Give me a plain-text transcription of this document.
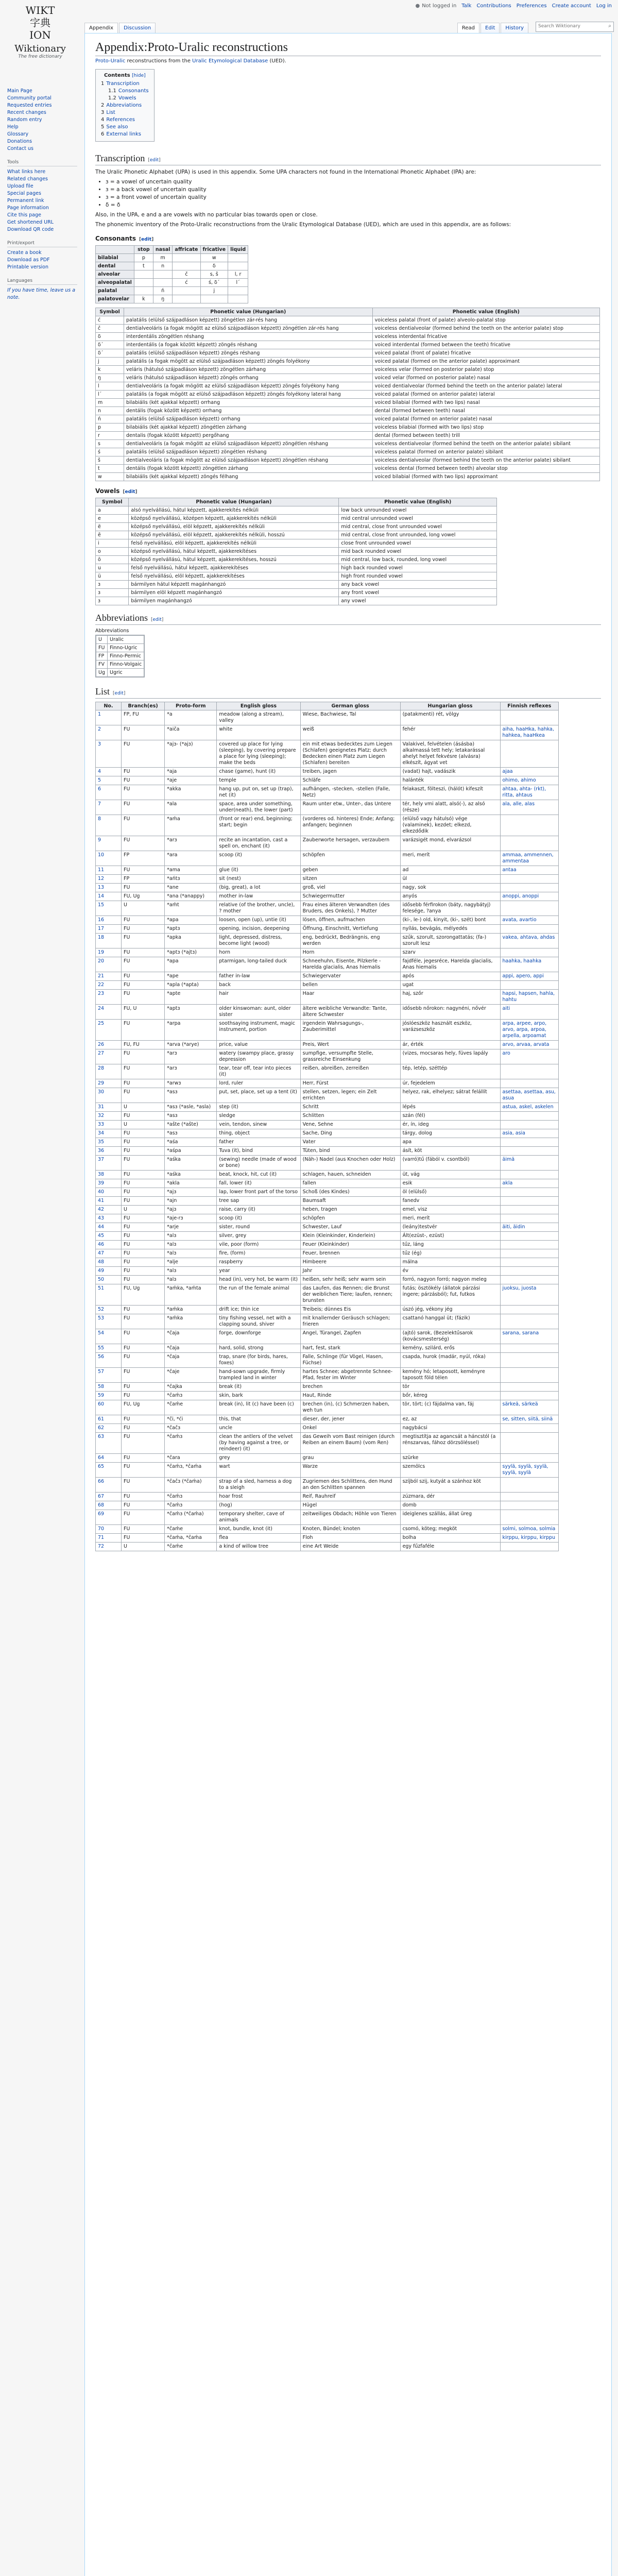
● Not logged in Talk Contributions Preferences Create account Log in
WIKT
字典
ΙΟΝ
Wiktionary
The free dictionary
Appendix	Discussion	Read	Edit	History
Search Wiktionary	⌕
Main Page
Community portal
Requested entries
Recent changes
Random entry
Help
Glossary
Donations
Contact us
Tools
What links here
Related changes
Upload file
Special pages
Permanent link
Page information
Cite this page
Get shortened URL
Download QR code
Print/export
Create a book
Download as PDF
Printable version
Languages
If you have time, leave us a note.
Appendix:Proto-Uralic reconstructions
Proto-Uralic reconstructions from the Uralic Etymological Database (UED).
Contents [hide]
1 Transcription
1.1 Consonants
1.2 Vowels
2 Abbreviations
3 List
4 References
5 See also
6 External links
Transcription [edit]

The Uralic Phonetic Alphabet (UPA) is used in this appendix. Some UPA characters not found in the International Phonetic Alphabet (IPA) are:

• ɜ = a vowel of uncertain quality
• ɜ = a back vowel of uncertain quality
• ɜ = a front vowel of uncertain quality
• δ = ð

Also, in the UPA, e and a are vowels with no particular bias towards open or close.

The phonemic inventory of the Proto-Uralic reconstructions from the Uralic Etymological Database (UED), which are used in this appendix, are as follows:

Consonants [edit]
	stop	nasal	affricate	fricative	liquid
bilabial	p	m		w	
dental	t	n		δ	
alveolar			č	s, š	l, r
alveopalatal			ć	ś, δ´	l´
palatal		ń		j	
palatovelar	k	ŋ			
Symbol	Phonetic value (Hungarian)	Phonetic value (English)
ć	palatális (elülső szájpadláson képzett) zöngétlen zár-rés hang	voiceless palatal (front of palate) alveolo-palatal stop
č	dentialveoláris (a fogak mögött az elülső szájpadláson képzett) zöngétlen zár-rés hang	voiceless dentialveolar (formed behind the teeth on the anterior palate) stop
δ	interdentális zöngétlen réshang	voiceless interdental fricative
δ´	interdentális (a fogak között képzett) zöngés réshang	voiced interdental (formed between the teeth) fricative
δ´	palatális (elülső szájpadláson képzett) zöngés réshang	voiced palatal (front of palate) fricative
j	palatális (a fogak mögött az elülső szájpadláson képzett) zöngés folyékony	voiced palatal (formed on the anterior palate) approximant
k	veláris (hátulsó szájpadláson képzett) zöngétlen zárhang	voiceless velar (formed on posterior palate) stop
ŋ	veláris (hátulsó szájpadláson képzett) zöngés orrhang	voiced velar (formed on posterior palate) nasal
l	dentialveoláris (a fogak mögött az elülső szájpadláson képzett) zöngés folyékony hang	voiced dentialveolar (formed behind the teeth on the anterior palate) lateral
l´	palatális (a fogak mögött az elülső szájpadláson képzett) zöngés folyékony lateral hang	voiced palatal (formed on anterior palate) lateral
m	bilabiális (két ajakkal képzett) orrhang	voiced bilabial (formed with two lips) nasal
n	dentális (fogak között képzett) orrhang	dental (formed between teeth) nasal
ń	palatális (elülső szájpadláson képzett) orrhang	voiced palatal (formed on anterior palate) nasal
p	bilabiális (két ajakkal képzett) zöngétlen zárhang	voiceless bilabial (formed with two lips) stop
r	dentalis (fogak között képzett) pergőhang	dental (formed between teeth) trill
s	dentialveoláris (a fogak mögött az elülső szájpadláson képzett) zöngétlen réshang	voiceless dentialveolar (formed behind the teeth on the anterior palate) sibilant
ś	palatális (elülső szájpadláson képzett) zöngétlen réshang	voiceless palatal (formed on anterior palate) sibilant
š	dentialveoláris (a fogak mögött az elülső szájpadláson képzett) zöngétlen réshang	voiceless dentialveolar (formed behind the teeth on the anterior palate) sibilant
t	dentális (fogak között képzett) zöngétlen zárhang	voiceless dental (formed between teeth) alveolar stop
w	bilabiális (két ajakkal képzett) zöngés félhang	voiced bilabial (formed with two lips) approximant
Vowels [edit]
Symbol	Phonetic value (Hungarian)	Phonetic value (English)
a	alsó nyelvállású, hátul képzett, ajakkerekítés nélküli	low back unrounded vowel
e	középső nyelvállású, középen képzett, ajakkerekítés nélküli	mid central unrounded vowel
ë	középső nyelvállású, elöl képzett, ajakkerekítés nélküli	mid central, close front unrounded vowel
ē	középső nyelvállású, elöl képzett, ajakkerekítés nélküli, hosszú	mid central, close front unrounded, long vowel
i	felső nyelvállású, elöl képzett, ajakkerekítés nélküli	close front unrounded vowel
o	középső nyelvállású, hátul képzett, ajakkerekítéses	mid back rounded vowel
ō	középső nyelvállású, hátul képzett, ajakkerekítéses, hosszú	mid central, low back, rounded, long vowel
u	felső nyelvállású, hátul képzett, ajakkerekítéses	high back rounded vowel
ü	felső nyelvállású, elöl képzett, ajakkerekítéses	high front rounded vowel
ɜ	bármilyen hátul képzett magánhangzó	any back vowel
ɜ	bármilyen elöl képzett magánhangzó	any front vowel
ɜ	bármilyen magánhangzó	any vowel
Abbreviations [edit]
Abbreviations
U	Uralic
FU	Finno-Ugric
FP	Finno-Permic
FV	Finno-Volgaic
Ug	Ugric
List [edit]
No.	Branch(es)	Proto-form	English gloss	German gloss	Hungarian gloss	Finnish reflexes
1	FP, FU	*a	meadow (along a stream), valley	Wiese, Bachwiese, Tal	(patakmenti) rét, völgy	
2	FU	*aiča	white	weiß	fehér	aiha, haaHka, hahka, hahkea, haaHkea
3	FU	*ajɜ- (*ajɜ)	covered up place for lying (sleeping), by covering prepare a place for lying (sleeping); make the beds	ein mit etwas bedecktes zum Liegen (Schlafen) geeignetes Platz; durch Bedecken einen Platz zum Liegen (Schlafen) bereiten	Valakivel, felvételen (ásásba) alkalmassá tett hely; letakarással ahelyt helyet fekvésre (alvásra) elkészít, ágyat vet	
4	FU	*aja	chase (game), hunt (it)	treiben, jagen	(vadat) hajt, vadászik	ajaa
5	FU	*aje	temple	Schläfe	halánték	ohimo, ahimo
6	FU	*akka	hang up, put on, set up (trap), net (it)	aufhängen, -stecken, -stellen (Falle, Netz)	felakaszt, fölteszi, (hálót) kifeszít	ahtaa, ahta- (rkt), ritta, ahtaus
7	FU	*ala	space, area under something, under(neath), the lower (part)	Raum unter etw., Unter-, das Untere	tér, hely vmi alatt, alsó(-), az alsó (része)	ala, alle, alas
8	FU	*aḿa	(front or rear) end, beginning; start; begin	(vorderes od. hinteres) Ende; Anfang; anfangen; beginnen	(elülső vagy hátulsó) vége (valaminek), kezdet; elkezd, elkezdődik	
9	FU	*arɜ	recite an incantation, cast a spell on, enchant (it)	Zauberworte hersagen, verzaubern	varázsigét mond, elvarázsol	
10	FP	*ara	scoop (it)	schöpfen	meri, merít	ammaa, ammennen, ammentaa
11	FU	*ama	glue (it)	geben	ad	antaa
12	FP	*ańtɜ	sit (nest)	sitzen	ül	
13	FU	*ane	(big, great), a lot	groß, viel	nagy, sok	
14	FU, Ug	*ana (*anappy)	mother in-law	Schwiegermutter	anyós	anoppi, anoppi
15	U	*aḿt	relative (of the brother, uncle), ? mother	Frau eines älteren Verwandten (des Bruders, des Onkels), ? Mutter	idősebb férfirokon (báty, nagybátyj) felesége, ?anya	
16	FU	*apa	loosen, open (up), untie (it)	lösen, öffnen, aufmachen	(ki-, le-) old, kinyit, (ki-, szét) bont	avata, avartio
17	FU	*aptɜ	opening, incision, deepening	Öffnung, Einschnitt, Vertiefung	nyílás, bevágás, mélyedés	
18	FU	*apka	light, depressed, distress, become light (wood)	eng, bedrückt, Bedrängnis, eng werden	szűk, szorult, szorongattatás; (fa-) szorult lesz	vakea, ahtava, ahdas
19	FU	*aptɜ (*ajtɜ)	horn	Horn	szarv	
20	FU	*apa	ptarmigan, long-tailed duck	Schneehuhn, Eisente, Pilzkerle - Harelda glacialis, Anas hiemalis	fajdféle, jegesréce, Harelda glacialis, Anas hiemalis	haahka, haahka
21	FU	*ape	father in-law	Schwiegervater	após	appi, apero, appi
22	FU	*apla (*apta)	back	bellen	ugat	
23	FU	*apte	hair	Haar	haj, szőr	hapsi, hapsen, hahla, hahtu
24	FU, U	*aptɜ	older kinswoman: aunt, older sister	ältere weibliche Verwandte: Tante, ältere Schwester	idősebb nőrokon: nagynéni, nővér	aiti
25	FU	*arpa	soothsaying instrument, magic instrument, portion	irgendein Wahrsagungs-, Zauberimittel	jóslóeszköz használt eszköz, varázseszköz	arpa, arpee, arpo, arvo, arpa, arpoa, arpella, arpoamat
26	FU, FU	*arva (*arye)	price, value	Preis, Wert	ár, érték	arvo, arvaa, arvata
27	FU	*arɜ	watery (swampy place, grassy depression	sumpfige, versumpfte Stelle, grassreiche Einsenkung	(vizes, mocsaras hely, füves lapály	aro
28	FU	*arɜ	tear, tear off, tear into pieces (it)	reißen, abreißen, zerreißen	tép, letép, széttép	
29	FU	*arwɜ	lord, ruler	Herr, Fürst	úr, fejedelem	
30	FU	*asɜ	put, set, place, set up a tent (it)	stellen, setzen, legen; ein Zelt errichten	helyez, rak, elhelyez; sátrat felállít	asettaa, asettaa, asu, asua
31	U	*asɜ (*asle, *asla)	step (it)	Schritt	lépés	astua, askel, askelen
32	FU	*asɜ	sledge	Schlitten	szán (fél)	
33	U	*ašte (*ašte)	vein, tendon, sinew	Vene, Sehne	ér, ín, ideg	
34	FU	*asɜ	thing, object	Sache, Ding	tárgy, dolog	asia, asia
35	FU	*aśa	father	Vater	apa	
36	FU	*aśpa	Tuva (it), bind	Tüten, bind	ásít, köt	
37	FU	*aśka	(sewing) needle (made of wood or bone)	(Näh-) Nadel (aus Knochen oder Holz)	(varró)tű (fából v. csontból)	äimä
38	FU	*aśka	beat, knock, hit, cut (it)	schlagen, hauen, schneiden	üt, vág	
39	FU	*akla	fall, lower (it)	fallen	esik	akla
40	FU	*ajɜ	lap, lower front part of the torso	Schoß (des Kindes)	öl (elülső)	
41	FU	*ajn	tree sap	Baumsaft	fanedv	
42	U	*ajɜ	raise, carry (it)	heben, tragen	emel, visz	
43	FU	*aje-rɜ	scoop (it)	schöpfen	meri, merít	
44	FU	*arje	sister, round	Schwester, Lauf	(leány)testvér	äiti, äidin
45	FU	*alɜ	silver, grey	Klein (Kleinkinder, Kinderlein)	Ált(ezüst-, ezüst)	
46	FU	*alɜ	vile, poor (form)	Feuer (Kleinkinder)	tűz, láng	
47	FU	*alɜ	fire, (form)	Feuer, brennen	tűz (ég)	
48	FU	*alje	raspberry	Himbeere	málna	
49	FU	*alɜ	year	Jahr	év	
50	FU	*alɜ	head (in), very hot, be warm (it)	heißen, sehr heiß; sehr warm sein	forró, nagyon forró; nagyon meleg	
51	FU, Ug	*aḿka, *aḿta	the run of the female animal	das Laufen, das Rennen; die Brunst der weiblichen Tiere; laufen, rennen; brunsten	futás; ösztökély (állatok párzási ingere; párzásból); fut, futkos	juoksu, juosta
52	FU	*aḿka	drift ice; thin ice	Treibeis; dünnes Eis	úszó jég, vékony jég	
53	FU	*aḿka	tiny fishing vessel, net with a clapping sound, shiver	mit knallernder Geräusch schlagen; frieren	csattanó hanggal üt; (fázik)	
54	FU	*čaja	forge, downforge	Angel, Türangel, Zapfen	(ajtó) sarok, (Bezelektűsarok (kovácsmesterség)	sarana, sarana
55	FU	*čaja	hard, solid, strong	hart, fest, stark	kemény, szilárd, erős	
56	FU	*čaja	trap, snare (for birds, hares, foxes)	Falle, Schlinge (für Vögel, Hasen, Füchse)	csapda, hurok (madár, nyúl, róka)	
57	FU	*čaje	hand-sown upgrade, firmly trampled land in winter	hartes Schnee; abgetrennte Schnee-Pfad, fester im Winter	kemény hó; letaposott, keményre taposott föld télen	
58	FU	*čajka	break (it)	brechen	tör	
59	FU	*čaḿɜ	skin, bark	Haut, Rinde	bőr, kéreg	
60	FU, Ug	*čaḿe	break (in), lit (c) have been (c)	brechen (in), (c) Schmerzen haben, weh tun	tör, tört; (c) fájdalma van, fáj	särkeä, särkeä
61	FU	*či, *ći	this, that	dieser, der, jener	ez, az	se, sitten, siitä, siinä
62	FU	*čačɜ	uncle	Onkel	nagybácsi	
63	FU	*čaḿɜ	clean the antlers of the velvet (by having against a tree, or reindeer) (it)	das Geweih vom Bast reinigen (durch Reiben an einem Baum) (vom Ren)	megtisztítja az agancsát a háncstól (a rénszarvas, fához dörzsöléssel)	
64	FU	*čara	grey	grau	szürke	
65	FU	*čaḿɜ, *čaḿa	wart	Warze	szemölcs	syylä, syylä, syylä, syylä, syylä
66	FU	*čačɜ (*čaḿa)	strap of a sled, harness a dog to a sleigh	Zugriemen des Schlittens, den Hund an den Schlitten spannen	szíjból szij, kutyát a szánhoz köt	
67	FU	*čaḿɜ	hoar frost	Reif, Rauhreif	zúzmara, dér	
68	FU	*čaḿɜ	(hog)	Hügel	domb	
69	FU	*čaḿɜ (*čaḿa)	temporary shelter, cave of animals	zeitweiliges Obdach; Höhle von Tieren	ideiglenes szállás, állat üreg	
70	FU	*čaḿe	knot, bundle, knot (it)	Knoten, Bündel; knoten	csomó, köteg; megköt	solmi, solmoa, solmia
71	FU	*čaḿa, *čaḿa	flea	Floh	bolha	kirppu, kirppu, kirppu
72	U	*čaḿe	a kind of willow tree	eine Art Weide	egy fűzfaféle	
